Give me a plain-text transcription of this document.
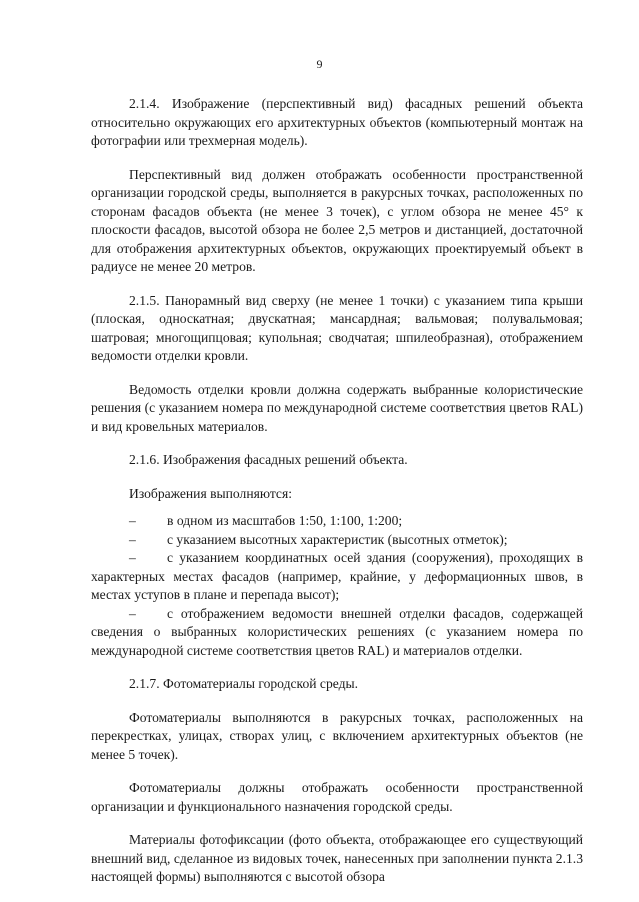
9

2.1.4. Изображение (перспективный вид) фасадных решений объекта относительно окружающих его архитектурных объектов (компьютерный монтаж на фотографии или трехмерная модель).

Перспективный вид должен отображать особенности пространственной организации городской среды, выполняется в ракурсных точках, расположенных по сторонам фасадов объекта (не менее 3 точек), с углом обзора не менее 45° к плоскости фасадов, высотой обзора не более 2,5 метров и дистанцией, достаточной для отображения архитектурных объектов, окружающих проектируемый объект в радиусе не менее 20 метров.

2.1.5. Панорамный вид сверху (не менее 1 точки) с указанием типа крыши (плоская, односкатная; двускатная; мансардная; вальмовая; полувальмовая; шатровая; многощипцовая; купольная; сводчатая; шпилеобразная), отображением ведомости отделки кровли.

Ведомость отделки кровли должна содержать выбранные колористические решения (с указанием номера по международной системе соответствия цветов RAL) и вид кровельных материалов.

2.1.6. Изображения фасадных решений объекта.

Изображения выполняются:

– в одном из масштабов 1:50, 1:100, 1:200;
– с указанием высотных характеристик (высотных отметок);
– с указанием координатных осей здания (сооружения), проходящих в характерных местах фасадов (например, крайние, у деформационных швов, в местах уступов в плане и перепада высот);
– с отображением ведомости внешней отделки фасадов, содержащей сведения о выбранных колористических решениях (с указанием номера по международной системе соответствия цветов RAL) и материалов отделки.

2.1.7. Фотоматериалы городской среды.

Фотоматериалы выполняются в ракурсных точках, расположенных на перекрестках, улицах, створах улиц, с включением архитектурных объектов (не менее 5 точек).

Фотоматериалы должны отображать особенности пространственной организации и функционального назначения городской среды.

Материалы фотофиксации (фото объекта, отображающее его существующий внешний вид, сделанное из видовых точек, нанесенных при заполнении пункта 2.1.3 настоящей формы) выполняются с высотой обзора
